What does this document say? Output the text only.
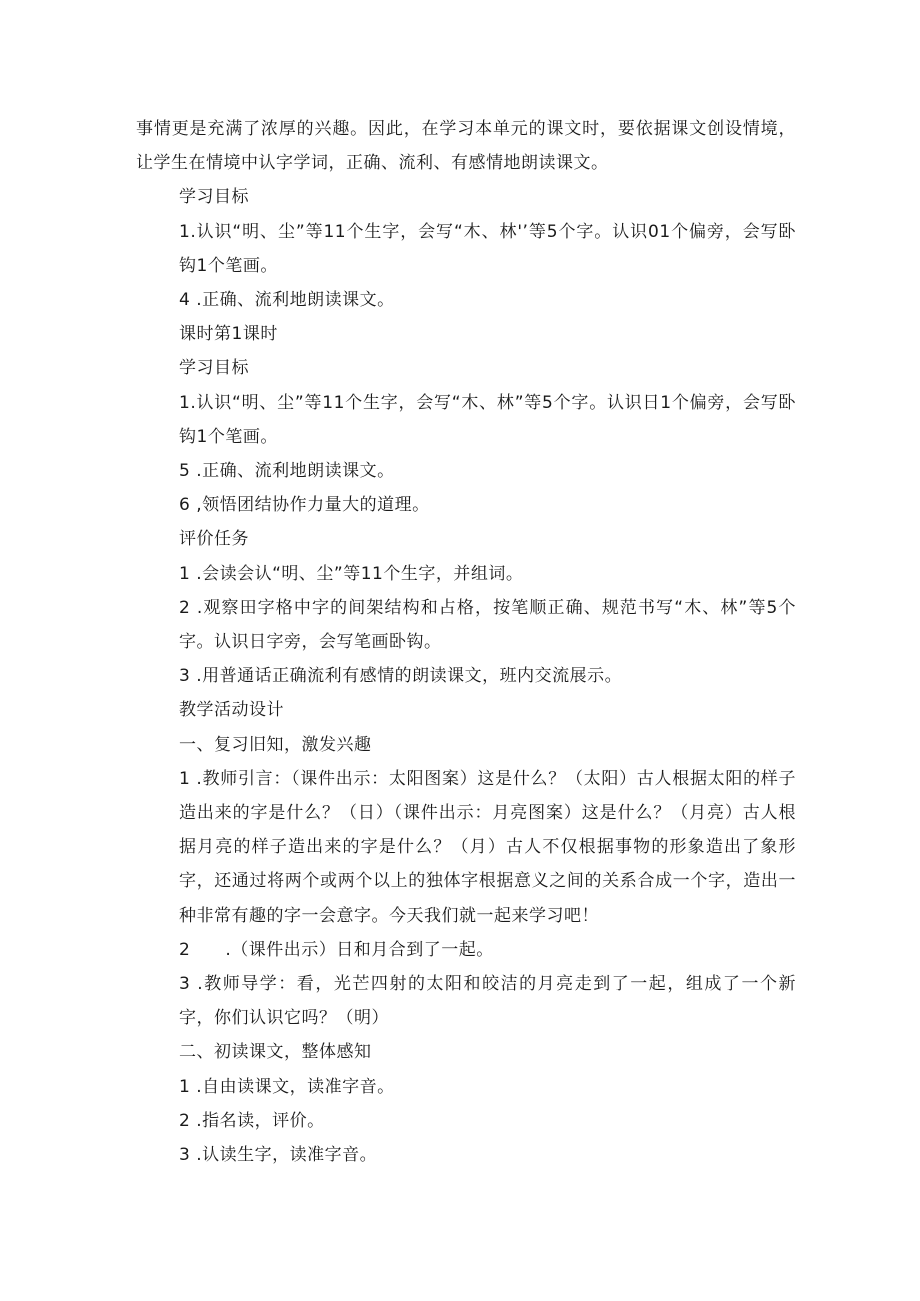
事情更是充满了浓厚的兴趣。因此，在学习本单元的课文时，要依据课文创设情境，让学生在情境中认字学词，正确、流利、有感情地朗读课文。

学习目标

1.认识“明、尘”等11个生字，会写“木、林'’等5个字。认识01个偏旁，会写卧钩1个笔画。

4 .正确、流利地朗读课文。

课时第1课时

学习目标

1.认识“明、尘”等11个生字，会写“木、林”等5个字。认识日1个偏旁，会写卧钩1个笔画。

5 .正确、流利地朗读课文。

6 ,领悟团结协作力量大的道理。

评价任务

1 .会读会认“明、尘”等11个生字，并组词。

2 .观察田字格中字的间架结构和占格，按笔顺正确、规范书写“木、林”等5个字。认识日字旁，会写笔画卧钩。

3 .用普通话正确流利有感情的朗读课文，班内交流展示。

教学活动设计

一、复习旧知，激发兴趣

1 .教师引言：（课件出示：太阳图案）这是什么？（太阳）古人根据太阳的样子造出来的字是什么？（日）（课件出示：月亮图案）这是什么？（月亮）古人根据月亮的样子造出来的字是什么？（月）古人不仅根据事物的形象造出了象形字，还通过将两个或两个以上的独体字根据意义之间的关系合成一个字，造出一种非常有趣的字一会意字。今天我们就一起来学习吧！

2　　.（课件出示）日和月合到了一起。

3 .教师导学：看，光芒四射的太阳和皎洁的月亮走到了一起，组成了一个新字，你们认识它吗？（明）

二、初读课文，整体感知

1 .自由读课文，读准字音。

2 .指名读，评价。

3 .认读生字，读准字音。
